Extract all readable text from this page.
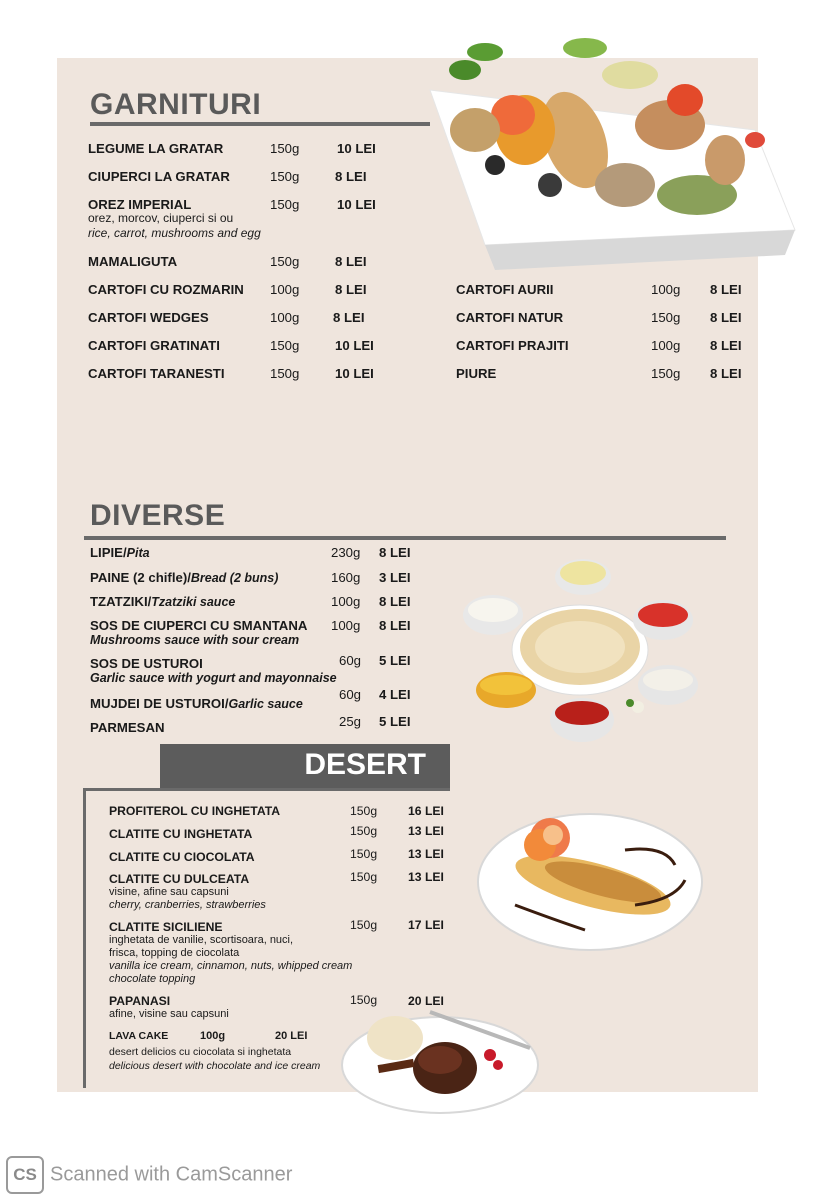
GARNITURI
LEGUME LA GRATAR	150g	10 LEI
CIUPERCI LA GRATAR	150g	8 LEI
OREZ IMPERIAL	150g	10 LEI
orez, morcov, ciuperci si ou
rice, carrot, mushrooms and egg
MAMALIGUTA	150g	8 LEI
CARTOFI CU ROZMARIN 100g	8 LEI
CARTOFI WEDGES	100g	8 LEI
CARTOFI GRATINATI	150g	10 LEI
CARTOFI TARANESTI	150g	10 LEI
CARTOFI AURII	100g 8 LEI
CARTOFI NATUR	150g 8 LEI
CARTOFI PRAJITI	100g 8 LEI
PIURE	150g 8 LEI
DIVERSE
LIPIE/Pita	230g 8 LEI
PAINE (2 chifle)/Bread (2 buns)	160g 3 LEI
TZATZIKI/Tzatziki sauce	100g 8 LEI
SOS DE CIUPERCI CU SMANTANA
Mushrooms sauce with sour cream
100g 8 LEI
SOS DE USTUROI
Garlic sauce with yogurt and mayonnaise
60g 5 LEI
MUJDEI DE USTUROI/Garlic sauce
60g 4 LEI
PARMESAN	25g 5 LEI
DESERT
PROFITEROL CU INGHETATA	150g	16 LEI
CLATITE CU INGHETATA	150g	13 LEI
CLATITE CU CIOCOLATA	150g	13 LEI
CLATITE CU DULCEATA
visine, afine sau capsuni
cherry, cranberries, strawberries
150g	13 LEI
CLATITE SICILIENE
inghetata de vanilie, scortisoara, nuci,
frisca, topping de ciocolata
vanilla ice cream, cinnamon, nuts, whipped cream
chocolate topping
150g	17 LEI
PAPANASI
afine, visine sau capsuni
150g	20 LEI
LAVA CAKE	100g	20 LEI
desert delicios cu ciocolata si inghetata
delicious desert with chocolate and ice cream
CS Scanned with CamScanner
